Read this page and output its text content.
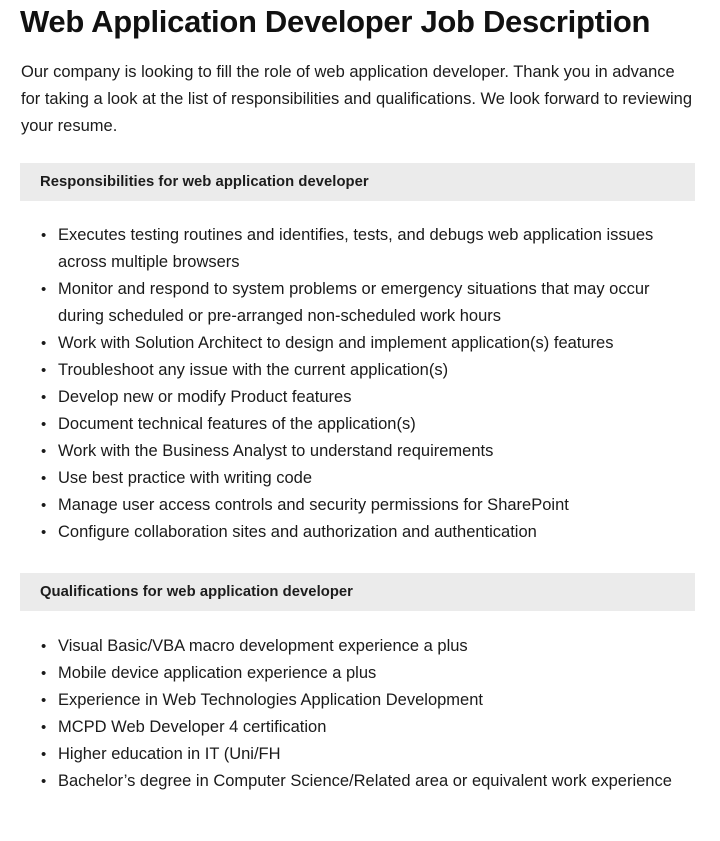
Web Application Developer Job Description

Our company is looking to fill the role of web application developer. Thank you in advance for taking a look at the list of responsibilities and qualifications. We look forward to reviewing your resume.

Responsibilities for web application developer
• Executes testing routines and identifies, tests, and debugs web application issues across multiple browsers
• Monitor and respond to system problems or emergency situations that may occur during scheduled or pre-arranged non-scheduled work hours
• Work with Solution Architect to design and implement application(s) features
• Troubleshoot any issue with the current application(s)
• Develop new or modify Product features
• Document technical features of the application(s)
• Work with the Business Analyst to understand requirements
• Use best practice with writing code
• Manage user access controls and security permissions for SharePoint
• Configure collaboration sites and authorization and authentication
Qualifications for web application developer
• Visual Basic/VBA macro development experience a plus
• Mobile device application experience a plus
• Experience in Web Technologies Application Development
• MCPD Web Developer 4 certification
• Higher education in IT (Uni/FH
• Bachelor’s degree in Computer Science/Related area or equivalent work experience
